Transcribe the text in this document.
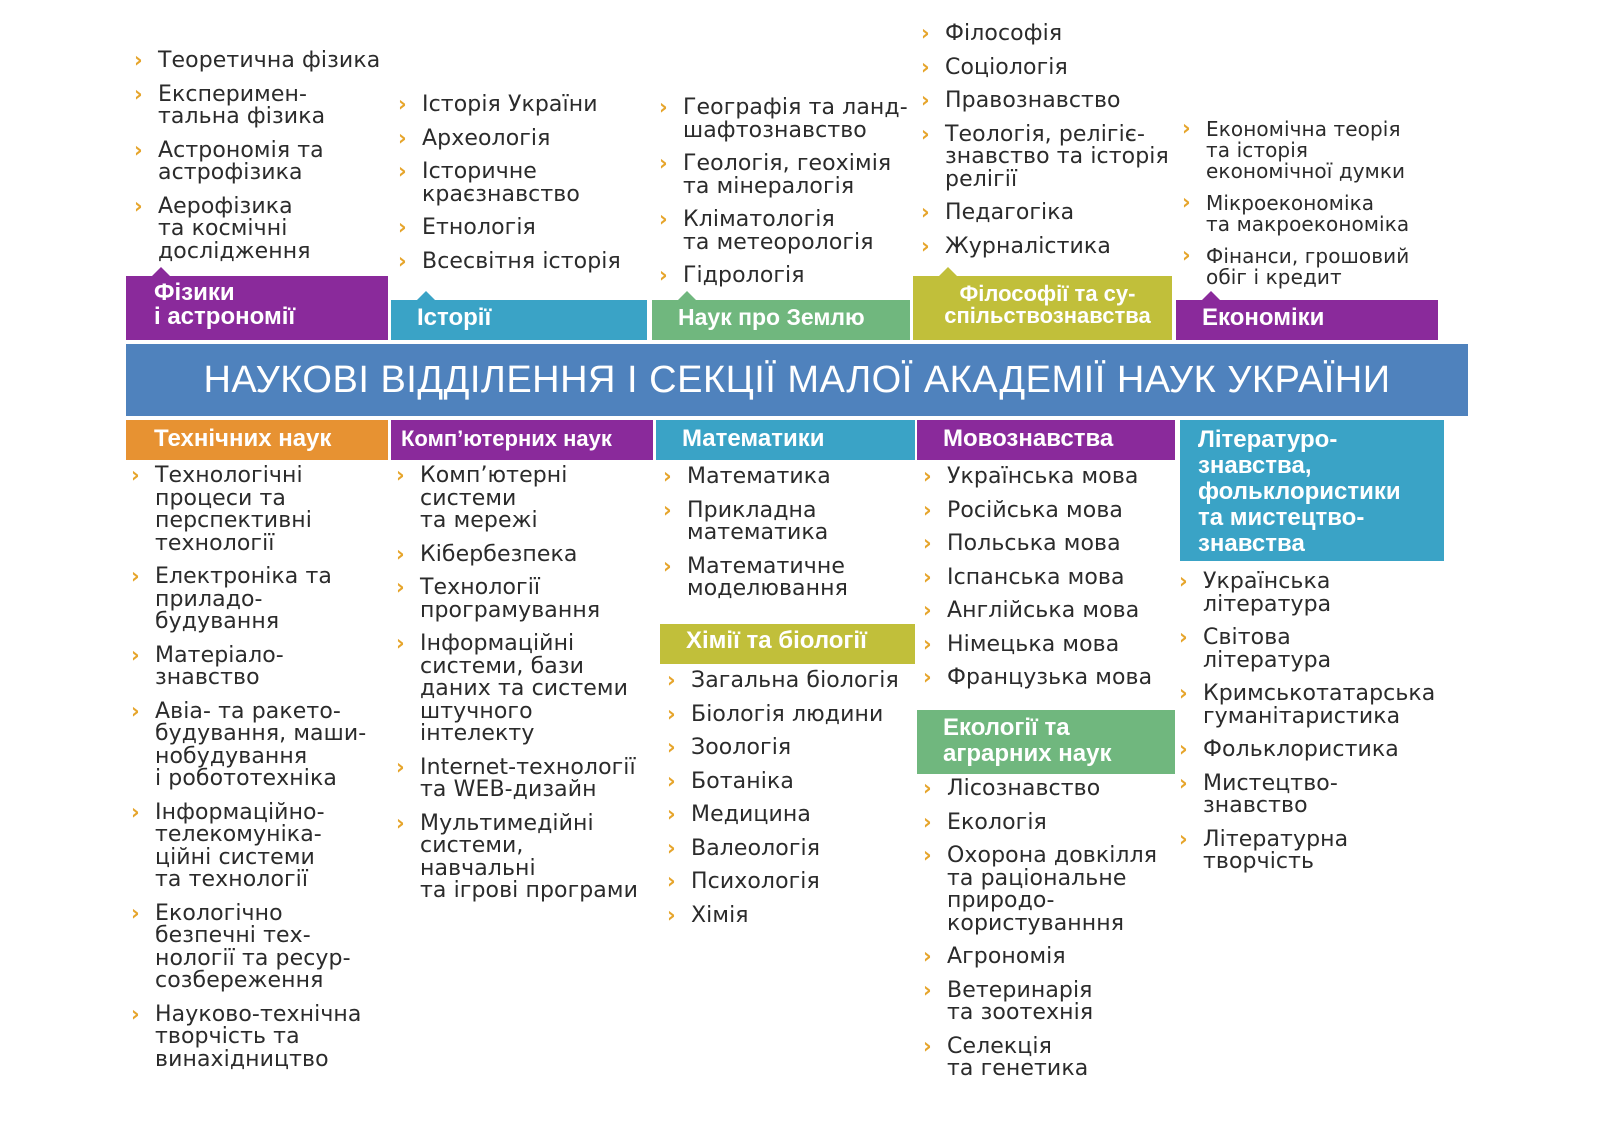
› Теоретична фізика
› Експеримен-
тальна фізика
› Астрономія та
астрофізика
› Аерофізика
та космічні
дослідження
› Історія України
› Археологія
› Історичне
краєзнавство
› Етнологія
› Всесвітня історія
› Географія та ланд-
шафтознавство
› Геологія, геохімія
та мінералогія
› Кліматологія
та метеорологія
› Гідрологія
› Філософія
› Соціологія
› Правознавство
› Теологія, релігіє-
знавство та історія
релігії
› Педагогіка
› Журналістика
› Економічна теорія
та історія
економічної думки
› Мікроекономіка
та макроекономіка
› Фінанси, грошовий
обіг і кредит
Фізики
і астрономії	Історії	Наук про Землю
Філософії та су-
спільствознавства	Економіки
НАУКОВІ ВІДДІЛЕННЯ І СЕКЦІЇ МАЛОЇ АКАДЕМІЇ НАУК УКРАЇНИ
Технічних наук	Комп’ютерних наук	Математики	Мовознавства	Літературо-
знавства,
фольклористики
та мистецтво-
знавства
› Технологічні
процеси та
перспективні
технології
› Електроніка та
приладо-
будування
› Матеріало-
знавство
› Авіа- та ракето-
будування, маши-
нобудування
і робототехніка
› Інформаційно-
телекомуніка-
ційні системи
та технології
› Екологічно
безпечні тех-
нології та ресур-
созбереження
› Науково-технічна
творчість та
винахідництво
› Комп’ютерні
системи
та мережі
› Кібербезпека
› Технології
програмування
› Інформаційні
системи, бази
даних та системи
штучного інтелекту
› Internet-технології
та WEB-дизайн
› Мультимедійні
системи,
навчальні
та ігрові програми
› Математика
› Прикладна
математика
› Математичне
моделювання
Хімії та біології
› Загальна біологія
› Біологія людини
› Зоологія
› Ботаніка
› Медицина
› Валеологія
› Психологія
› Хімія
› Українська мова
› Російська мова
› Польська мова
› Іспанська мова
› Англійська мова
› Німецька мова
› Французька мова
Екології та
аграрних наук
› Лісознавство
› Екологія
› Охорона довкілля
та раціональне
природо-
користуванння
› Агрономія
› Ветеринарія
та зоотехнія
› Селекція
та генетика
› Українська
література
› Світова
література
› Кримськотатарська
гуманітаристика
› Фольклористика
› Мистецтво-
знавство
› Літературна
творчість
